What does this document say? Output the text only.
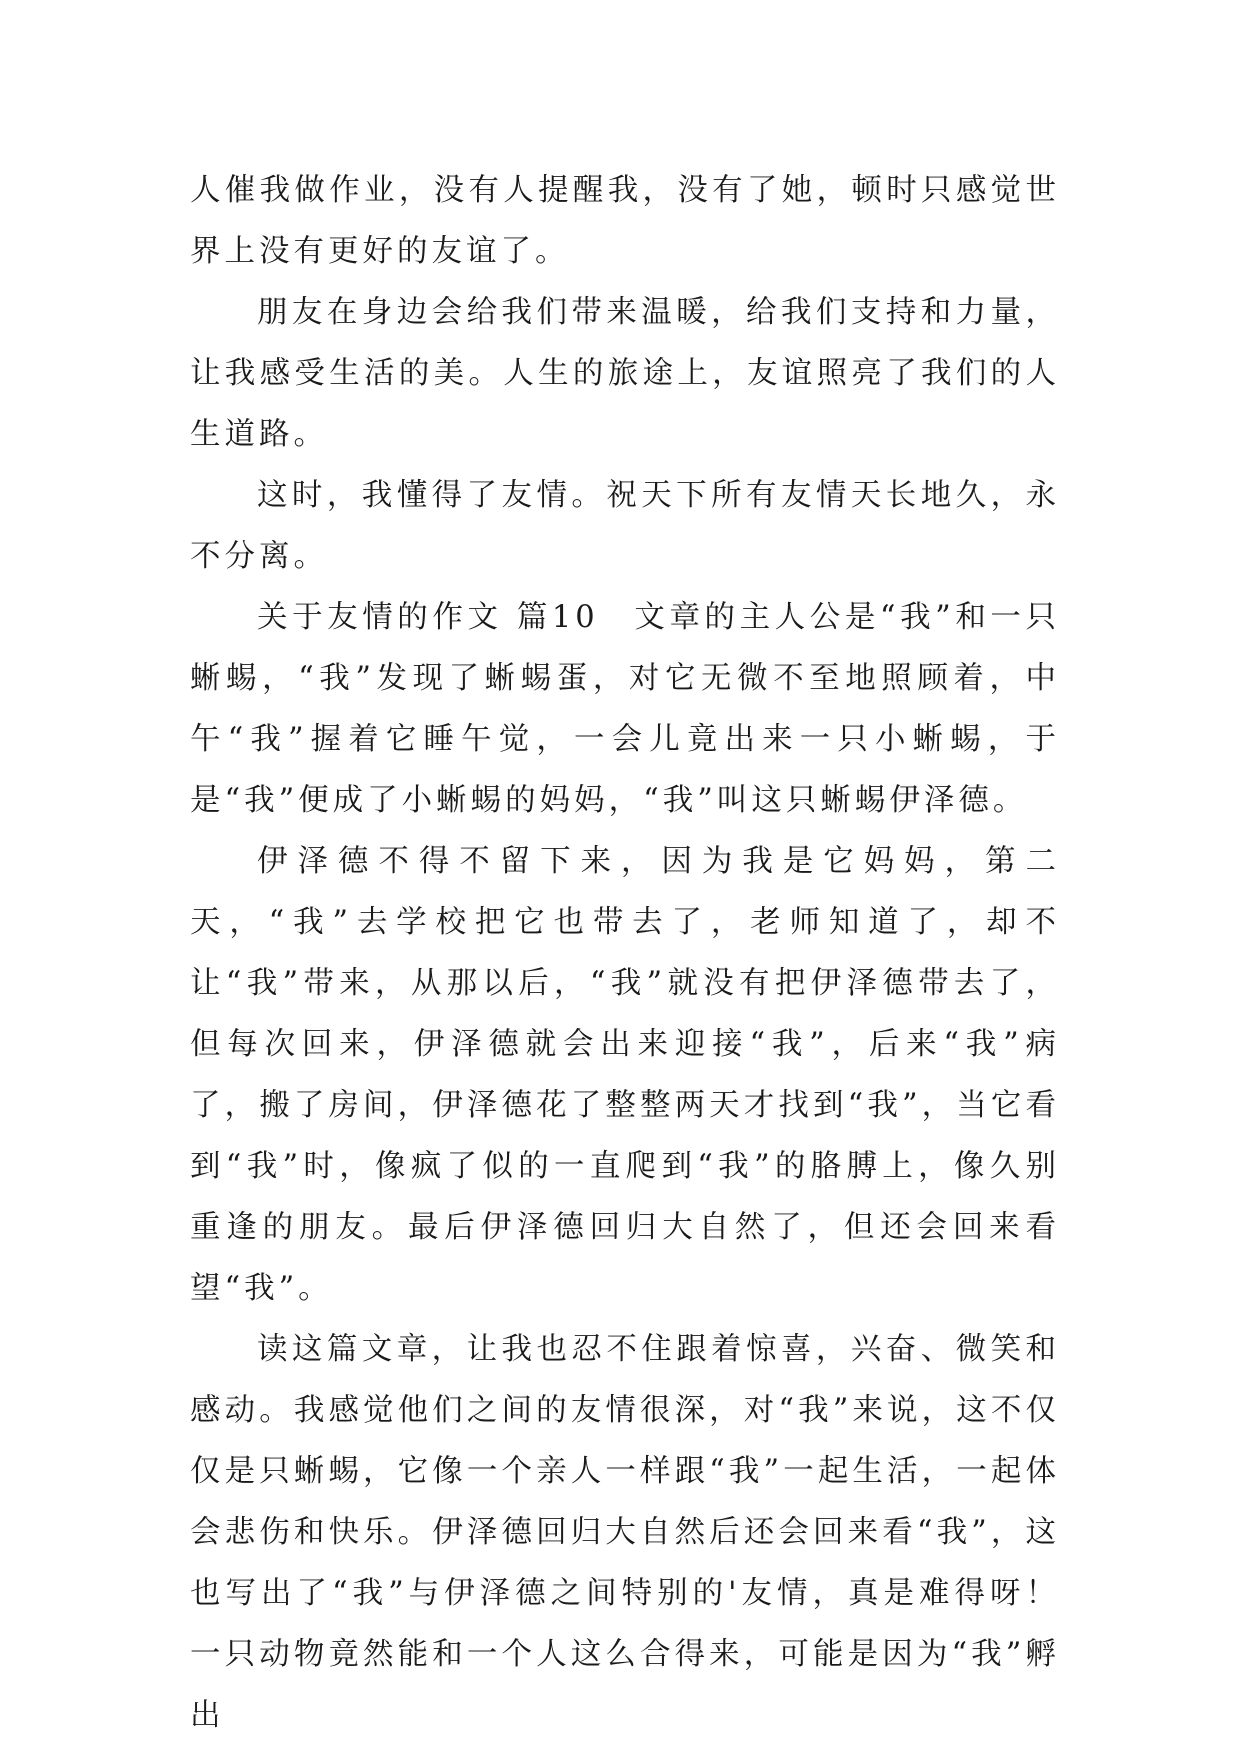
人催我做作业，没有人提醒我，没有了她，顿时只感觉世界上没有更好的友谊了。

朋友在身边会给我们带来温暖，给我们支持和力量，让我感受生活的美。人生的旅途上，友谊照亮了我们的人生道路。

这时，我懂得了友情。祝天下所有友情天长地久，永不分离。

关于友情的作文 篇10　文章的主人公是“我”和一只蜥蜴，“我”发现了蜥蜴蛋，对它无微不至地照顾着，中午“我”握着它睡午觉，一会儿竟出来一只小蜥蜴，于是“我”便成了小蜥蜴的妈妈，“我”叫这只蜥蜴伊泽德。

伊泽德不得不留下来，因为我是它妈妈，第二天，“我”去学校把它也带去了，老师知道了，却不让“我”带来，从那以后，“我”就没有把伊泽德带去了，但每次回来，伊泽德就会出来迎接“我”，后来“我”病了，搬了房间，伊泽德花了整整两天才找到“我”，当它看到“我”时，像疯了似的一直爬到“我”的胳膊上，像久别重逢的朋友。最后伊泽德回归大自然了，但还会回来看望“我”。

读这篇文章，让我也忍不住跟着惊喜，兴奋、微笑和感动。我感觉他们之间的友情很深，对“我”来说，这不仅仅是只蜥蜴，它像一个亲人一样跟“我”一起生活，一起体会悲伤和快乐。伊泽德回归大自然后还会回来看“我”，这也写出了“我”与伊泽德之间特别的'友情，真是难得呀！一只动物竟然能和一个人这么合得来，可能是因为“我”孵出
